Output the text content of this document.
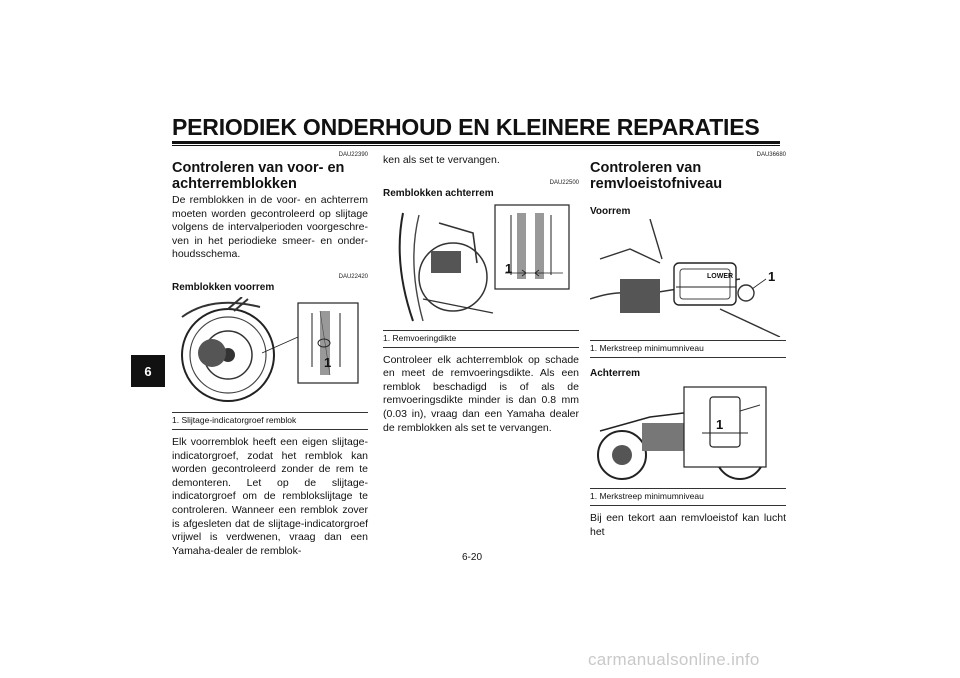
PERIODIEK ONDERHOUD EN KLEINERE REPARATIES
6
DAU22390
Controleren van voor- en achterremblokken
De remblokken in de voor- en achterrem moeten worden gecontroleerd op slijtage volgens de intervalperioden voorgeschreven in het periodieke smeer- en onderhoudsschema.
DAU22420
Remblokken voorrem
1
1. Slijtage-indicatorgroef remblok
Elk voorremblok heeft een eigen slijtage-indicatorgroef, zodat het remblok kan worden gecontroleerd zonder de rem te demonteren. Let op de slijtage-indicatorgroef om de remblokslijtage te controleren. Wanneer een remblok zover is afgesleten dat de slijtage-indicatorgroef vrijwel is verdwenen, vraag dan een Yamaha-dealer de remblok-
ken als set te vervangen.
DAU22500
Remblokken achterrem
1
1. Remvoeringdikte
Controleer elk achterremblok op schade en meet de remvoeringsdikte. Als een remblok beschadigd is of als de remvoeringsdikte minder is dan 0.8 mm (0.03 in), vraag dan een Yamaha dealer de remblokken als set te vervangen.
DAU36680
Controleren van remvloeistofniveau
Voorrem
LOWER	1
1. Merkstreep minimumniveau
Achterrem
1
1. Merkstreep minimumniveau
Bij een tekort aan remvloeistof kan lucht het
6-20
carmanualsonline.info
